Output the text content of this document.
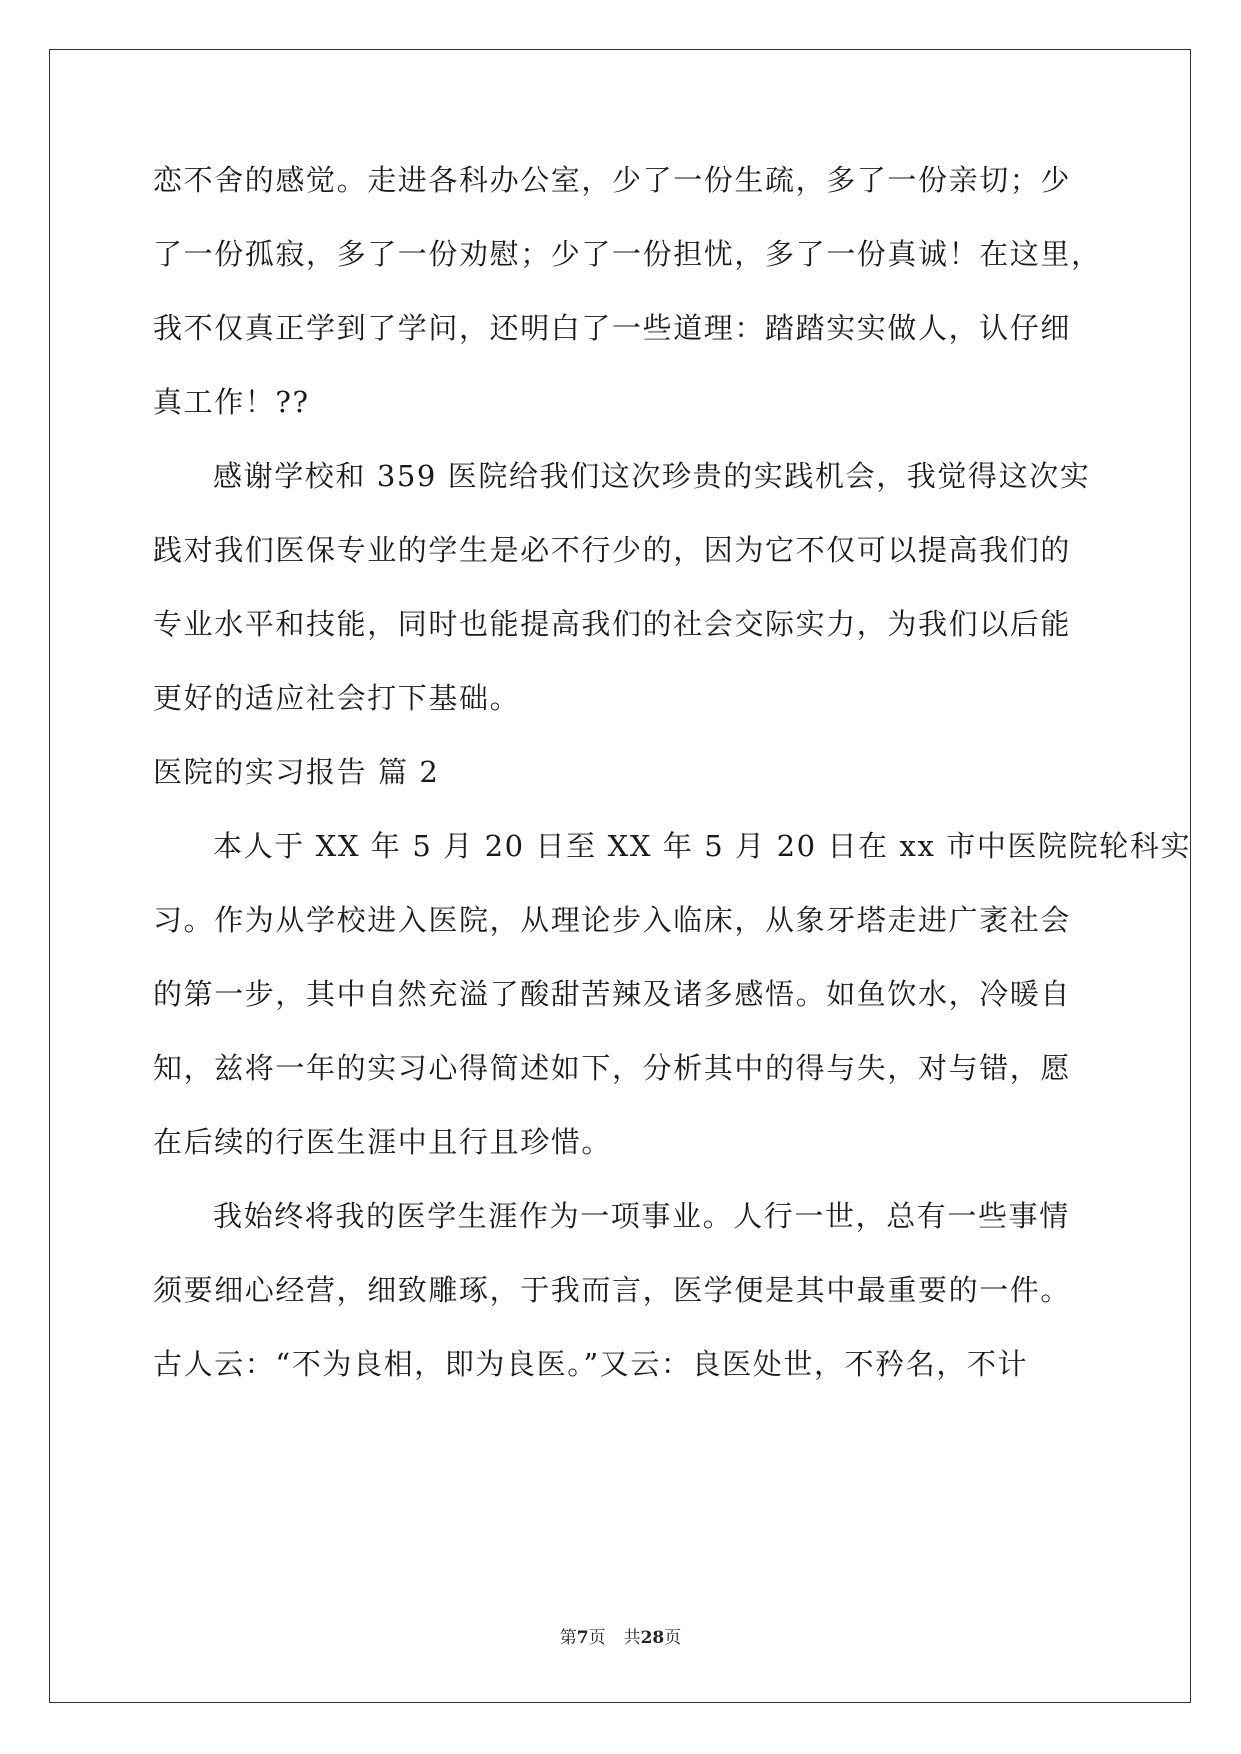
恋不舍的感觉。走进各科办公室，少了一份生疏，多了一份亲切；少
了一份孤寂，多了一份劝慰；少了一份担忧，多了一份真诚！在这里，
我不仅真正学到了学问，还明白了一些道理：踏踏实实做人，认仔细
真工作！??
感谢学校和 359 医院给我们这次珍贵的实践机会，我觉得这次实
践对我们医保专业的学生是必不行少的，因为它不仅可以提高我们的
专业水平和技能，同时也能提高我们的社会交际实力，为我们以后能
更好的适应社会打下基础。
医院的实习报告 篇 2
本人于 XX 年 5 月 20 日至 XX 年 5 月 20 日在 xx 市中医院院轮科实
习。作为从学校进入医院，从理论步入临床，从象牙塔走进广袤社会
的第一步，其中自然充溢了酸甜苦辣及诸多感悟。如鱼饮水，冷暖自
知，兹将一年的实习心得简述如下，分析其中的得与失，对与错，愿
在后续的行医生涯中且行且珍惜。
我始终将我的医学生涯作为一项事业。人行一世，总有一些事情
须要细心经营，细致雕琢，于我而言，医学便是其中最重要的一件。
古人云：“不为良相，即为良医。”又云：良医处世，不矜名，不计
第7页 共28页
